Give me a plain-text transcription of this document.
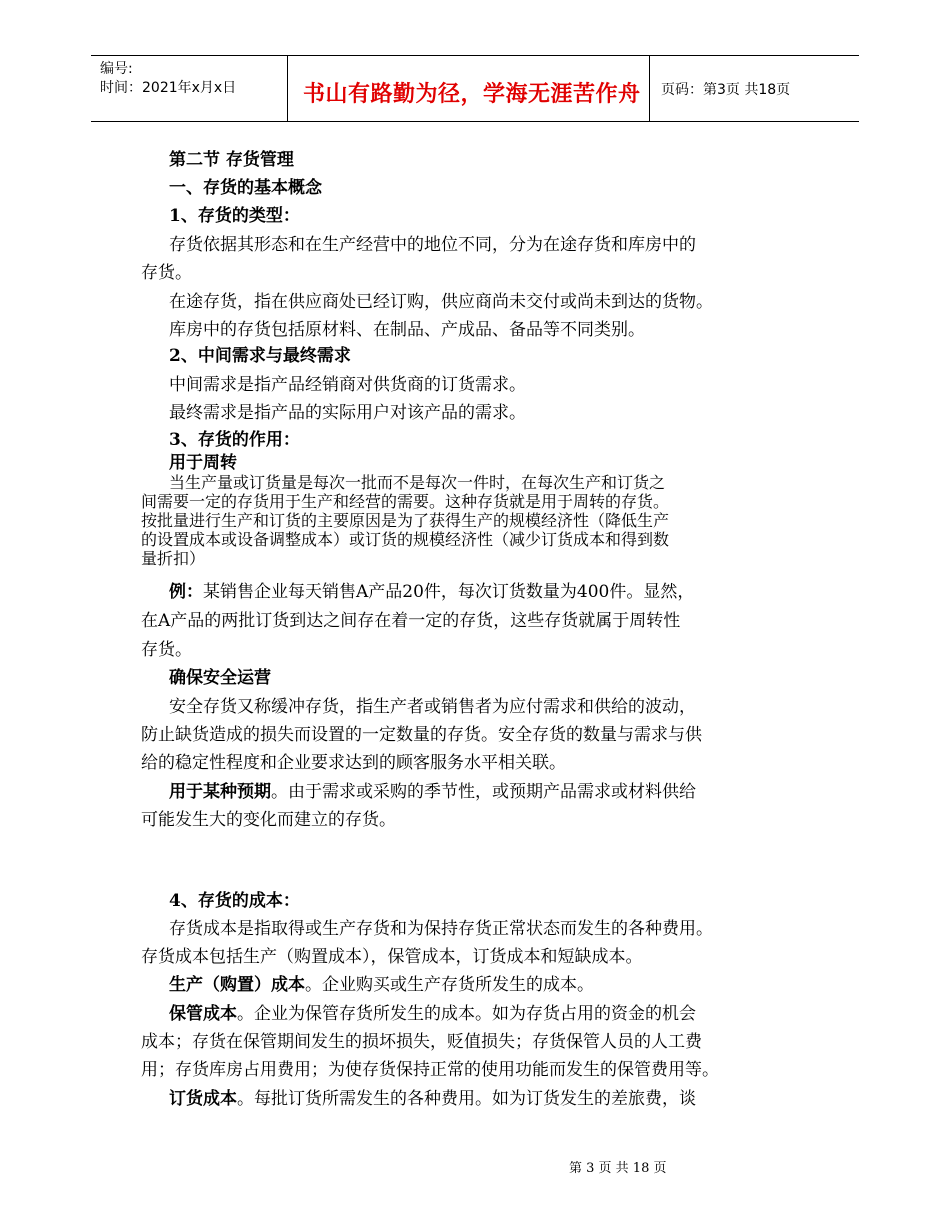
编号:
时间：2021年x月x日	书山有路勤为径，学海无涯苦作舟 页码：第3页 共18页
第二节 存货管理
一、存货的基本概念
1、存货的类型：
存货依据其形态和在生产经营中的地位不同，分为在途存货和库房中的
存货。
在途存货，指在供应商处已经订购，供应商尚未交付或尚未到达的货物。
库房中的存货包括原材料、在制品、产成品、备品等不同类别。
2、中间需求与最终需求
中间需求是指产品经销商对供货商的订货需求。
最终需求是指产品的实际用户对该产品的需求。
3、存货的作用：
用于周转
当生产量或订货量是每次一批而不是每次一件时，在每次生产和订货之
间需要一定的存货用于生产和经营的需要。这种存货就是用于周转的存货。
按批量进行生产和订货的主要原因是为了获得生产的规模经济性（降低生产
的设置成本或设备调整成本）或订货的规模经济性（减少订货成本和得到数
量折扣）
例：某销售企业每天销售A产品20件，每次订货数量为400件。显然，
在A产品的两批订货到达之间存在着一定的存货，这些存货就属于周转性
存货。
确保安全运营
安全存货又称缓冲存货，指生产者或销售者为应付需求和供给的波动，
防止缺货造成的损失而设置的一定数量的存货。安全存货的数量与需求与供
给的稳定性程度和企业要求达到的顾客服务水平相关联。
用于某种预期。由于需求或采购的季节性，或预期产品需求或材料供给
可能发生大的变化而建立的存货。
4、存货的成本：
存货成本是指取得或生产存货和为保持存货正常状态而发生的各种费用。
存货成本包括生产（购置成本），保管成本，订货成本和短缺成本。
生产（购置）成本。企业购买或生产存货所发生的成本。
保管成本。企业为保管存货所发生的成本。如为存货占用的资金的机会
成本；存货在保管期间发生的损坏损失，贬值损失；存货保管人员的人工费
用；存货库房占用费用；为使存货保持正常的使用功能而发生的保管费用等。
订货成本。每批订货所需发生的各种费用。如为订货发生的差旅费，谈
第 3 页 共 18 页
